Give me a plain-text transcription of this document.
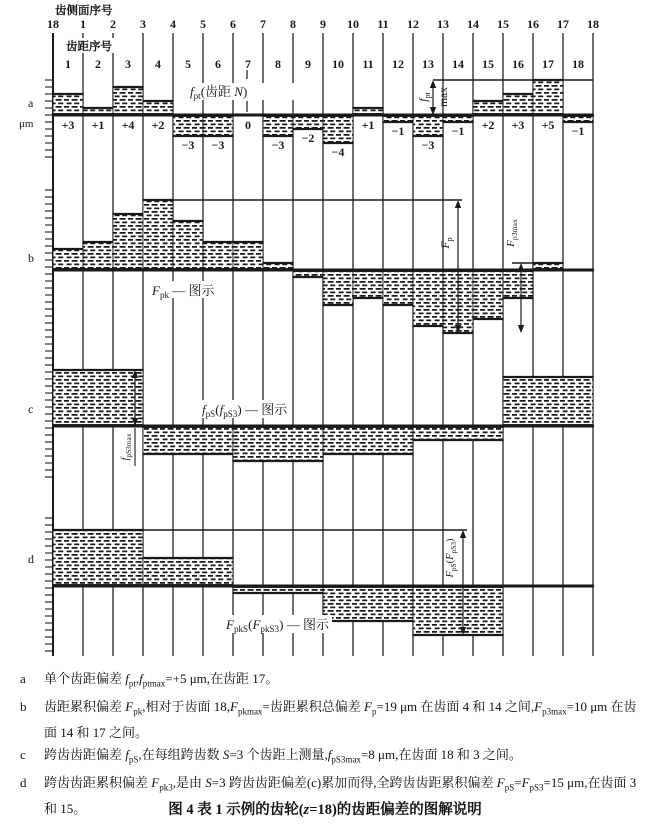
齿侧面序号
18 1 2 3 4 5 6 7 8 9 10 11 12 13 14 15 16 17 18
齿距序号
1 2 3 4 5 6 7 8 9 10 11 12 13 14 15 16 17 18
a
b
c
d
μm +3 +1 +4 +2
−3 −3
0
−3 −2
−4
+1 −1
−3
−1 +2 +3 +5 −1
$f_{pt}$(齿距 N)
$f_{pt}$ max
$F_{pk}$ — 图示
$F_p$
$F_{p3max}$
$f_{pS}(f_{pS3})$ — 图示
$f_{pS3max}$
$F_{pkS}(F_{pkS3})$ — 图示
$F_{pS}(F_{pS3})$
a	单个齿距偏差 $f_{pt},f_{ptmax}=+5$ μm,在齿距 17。
b	齿距累积偏差 $F_{pk}$,相对于齿面 $18,F_{pkmax}=$齿距累积总偏差 $F_p=19$ μm 在齿面 4 和 14 之间$,F_{p3max}=10$ μm 在齿面 14 和 17 之间。
c	跨齿齿距偏差 $f_{pS}$,在每组跨齿数 S=3 个齿距上测量$,f_{pS3max}=8$ μm,在齿面 18 和 3 之间。
d	跨齿齿距累积偏差 $F_{pk3}$,是由 S=3 跨齿齿距偏差(c)累加而得,全跨齿齿距累积偏差 $F_{pS}=F_{pS3}=15$ μm,在齿面 3 和 15。	图 4 表 1 示例的齿轮(z=18)的齿距偏差的图解说明
